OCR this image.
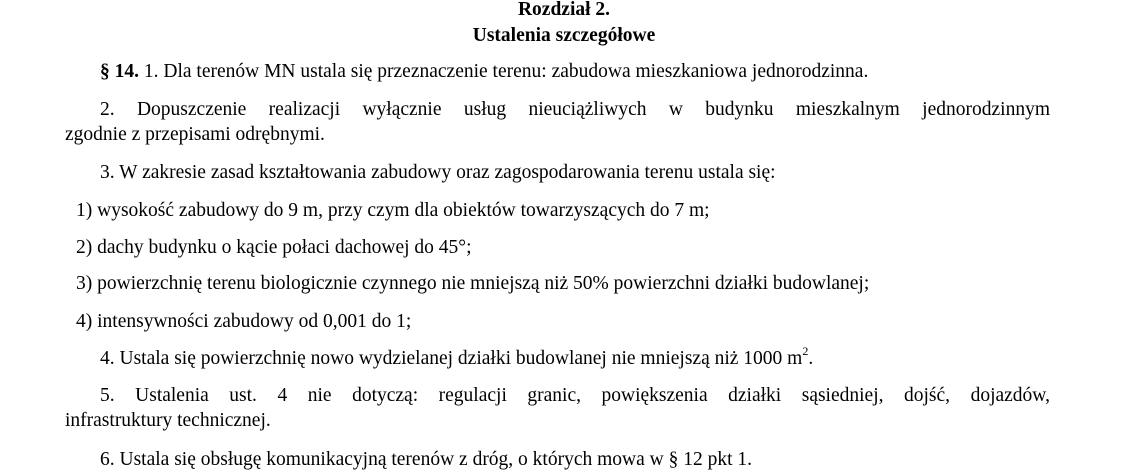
Rozdział 2.
Ustalenia szczegółowe
§ 14. 1. Dla terenów MN ustala się przeznaczenie terenu: zabudowa mieszkaniowa jednorodzinna.
2. Dopuszczenie realizacji wyłącznie usług nieuciążliwych w budynku mieszkalnym jednorodzinnym
zgodnie z przepisami odrębnymi.
3. W zakresie zasad kształtowania zabudowy oraz zagospodarowania terenu ustala się:
1) wysokość zabudowy do 9 m, przy czym dla obiektów towarzyszących do 7 m;
2) dachy budynku o kącie połaci dachowej do 45°;
3) powierzchnię terenu biologicznie czynnego nie mniejszą niż 50% powierzchni działki budowlanej;
4) intensywności zabudowy od 0,001 do 1;
4. Ustala się powierzchnię nowo wydzielanej działki budowlanej nie mniejszą niż 1000 $m^2$.
5. Ustalenia ust. 4 nie dotyczą: regulacji granic, powiększenia działki sąsiedniej, dojść, dojazdów,
infrastruktury technicznej.
6. Ustala się obsługę komunikacyjną terenów z dróg, o których mowa w § 12 pkt 1.
